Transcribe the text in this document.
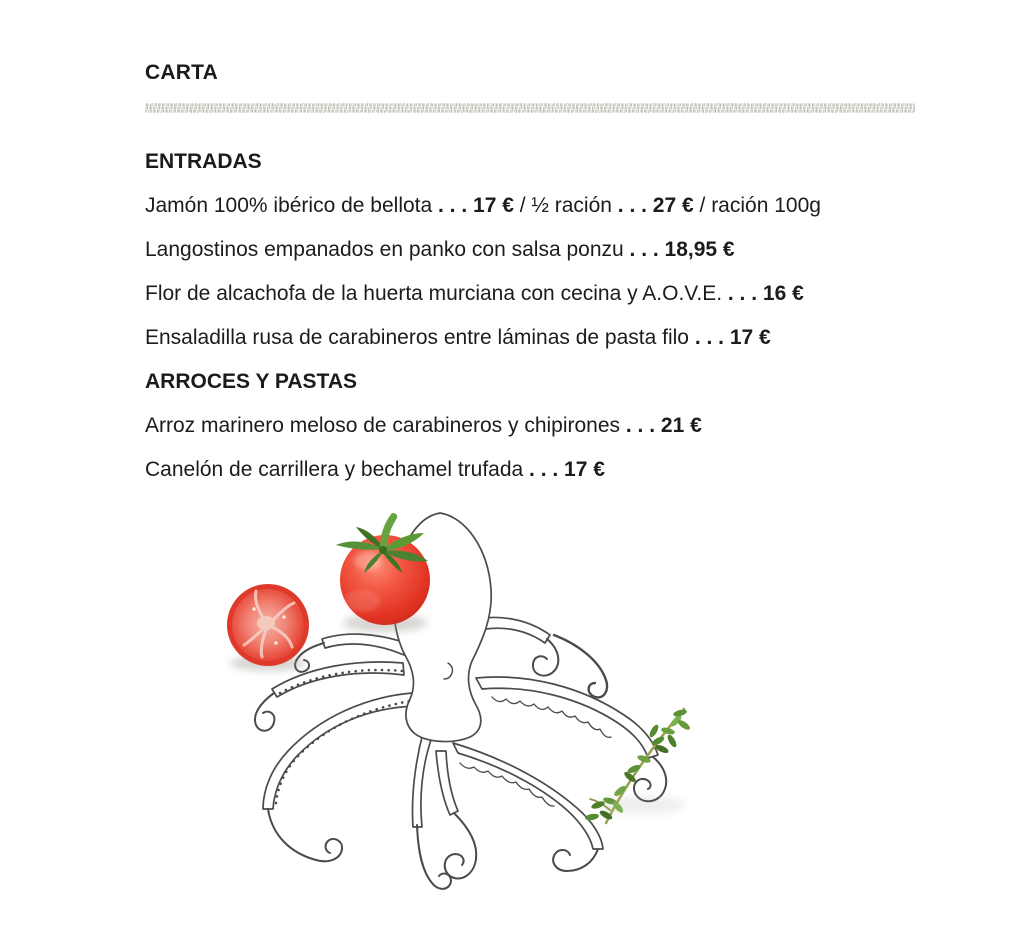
CARTA
ENTRADAS

Jamón 100% ibérico de bellota . . . 17 € / ½ ración . . . 27 € / ración 100g

Langostinos empanados en panko con salsa ponzu . . . 18,95 €

Flor de alcachofa de la huerta murciana con cecina y A.O.V.E. . . . 16 €

Ensaladilla rusa de carabineros entre láminas de pasta filo . . . 17 €

ARROCES Y PASTAS

Arroz marinero meloso de carabineros y chipirones . . . 21 €

Canelón de carrillera y bechamel trufada . . . 17 €
